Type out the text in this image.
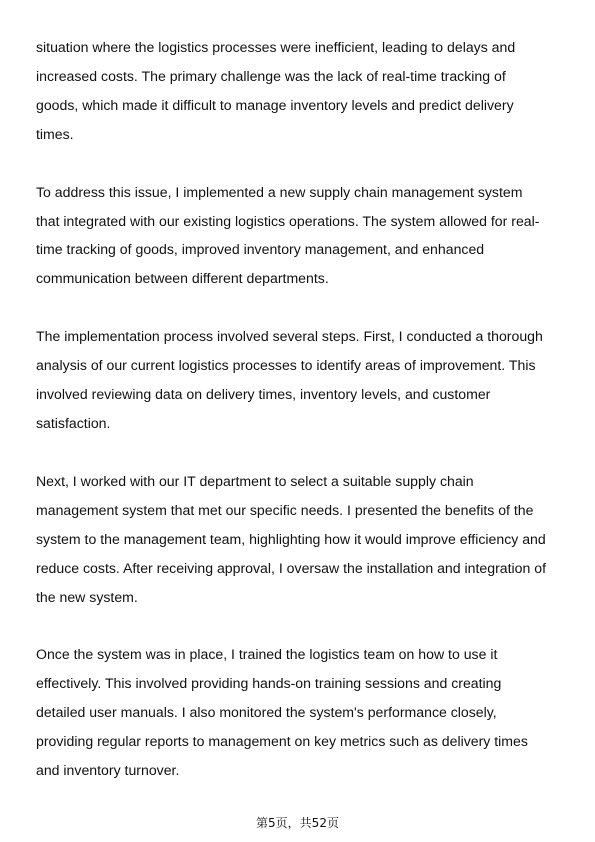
situation where the logistics processes were inefficient, leading to delays and
increased costs. The primary challenge was the lack of real-time tracking of
goods, which made it difficult to manage inventory levels and predict delivery
times.

To address this issue, I implemented a new supply chain management system
that integrated with our existing logistics operations. The system allowed for real-
time tracking of goods, improved inventory management, and enhanced
communication between different departments.

The implementation process involved several steps. First, I conducted a thorough
analysis of our current logistics processes to identify areas of improvement. This
involved reviewing data on delivery times, inventory levels, and customer
satisfaction.

Next, I worked with our IT department to select a suitable supply chain
management system that met our specific needs. I presented the benefits of the
system to the management team, highlighting how it would improve efficiency and
reduce costs. After receiving approval, I oversaw the installation and integration of
the new system.

Once the system was in place, I trained the logistics team on how to use it
effectively. This involved providing hands-on training sessions and creating
detailed user manuals. I also monitored the system's performance closely,
providing regular reports to management on key metrics such as delivery times
and inventory turnover.

第5页，共52页
